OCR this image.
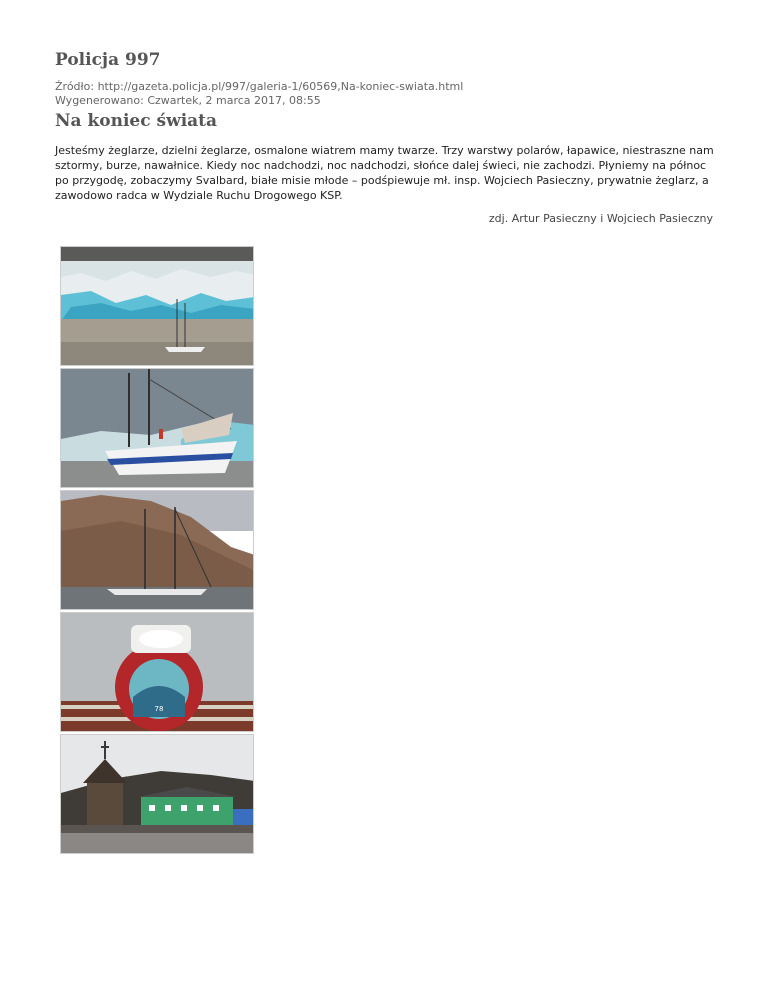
Policja 997
Źródło: http://gazeta.policja.pl/997/galeria-1/60569,Na-koniec-swiata.html
Wygenerowano: Czwartek, 2 marca 2017, 08:55
Na koniec świata
Jesteśmy żeglarze, dzielni żeglarze, osmalone wiatrem mamy twarze. Trzy warstwy polarów, łapawice, niestraszne nam sztormy, burze, nawałnice. Kiedy noc nadchodzi, noc nadchodzi, słońce dalej świeci, nie zachodzi. Płyniemy na północ po przygodę, zobaczymy Svalbard, białe misie młode – podśpiewuje mł. insp. Wojciech Pasieczny, prywatnie żeglarz, a zawodowo radca w Wydziale Ruchu Drogowego KSP.
zdj. Artur Pasieczny i Wojciech Pasieczny
78
